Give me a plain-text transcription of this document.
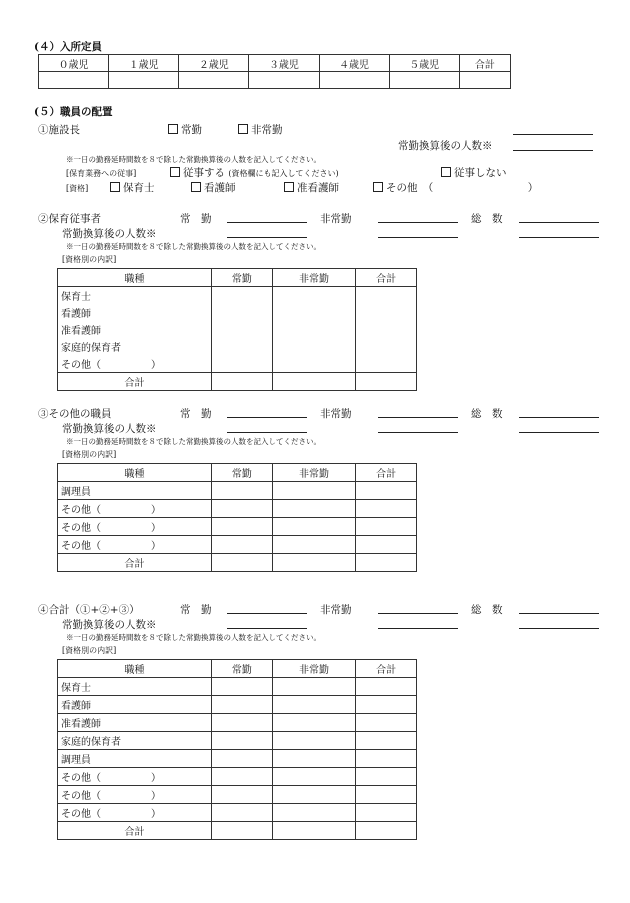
(４）入所定員
０歳児	１歳児	２歳児	３歳児	４歳児	５歳児	合計

(５）職員の配置
①施設長	常勤	非常勤
常勤換算後の人数※
※一日の勤務延時間数を８で除した常勤換算後の人数を記入してください。
[保育業務への従事]	従事する (資格欄にも記入してください)	従事しない
[資格]	保育士	看護師	准看護師	その他　（　　　　　　　　　）
②保育従事者	常　勤	非常勤	総　数
常勤換算後の人数※
※一日の勤務延時間数を８で除した常勤換算後の人数を記入してください。
[資格別の内訳]
職種	常勤	非常勤	合計
保育士			
看護師			
准看護師			
家庭的保育者			
その他（　　　　　）			
合計			
③その他の職員	常　勤	非常勤	総　数
常勤換算後の人数※
※一日の勤務延時間数を８で除した常勤換算後の人数を記入してください。
[資格別の内訳]
職種	常勤	非常勤	合計
調理員			
その他（　　　　　）			
その他（　　　　　）			
その他（　　　　　）			
合計			
④合計（①+②+③）	常　勤	非常勤	総　数
常勤換算後の人数※
※一日の勤務延時間数を８で除した常勤換算後の人数を記入してください。
[資格別の内訳]
職種	常勤	非常勤	合計
保育士			
看護師			
准看護師			
家庭的保育者			
調理員			
その他（　　　　　）			
その他（　　　　　）			
その他（　　　　　）			
合計			
